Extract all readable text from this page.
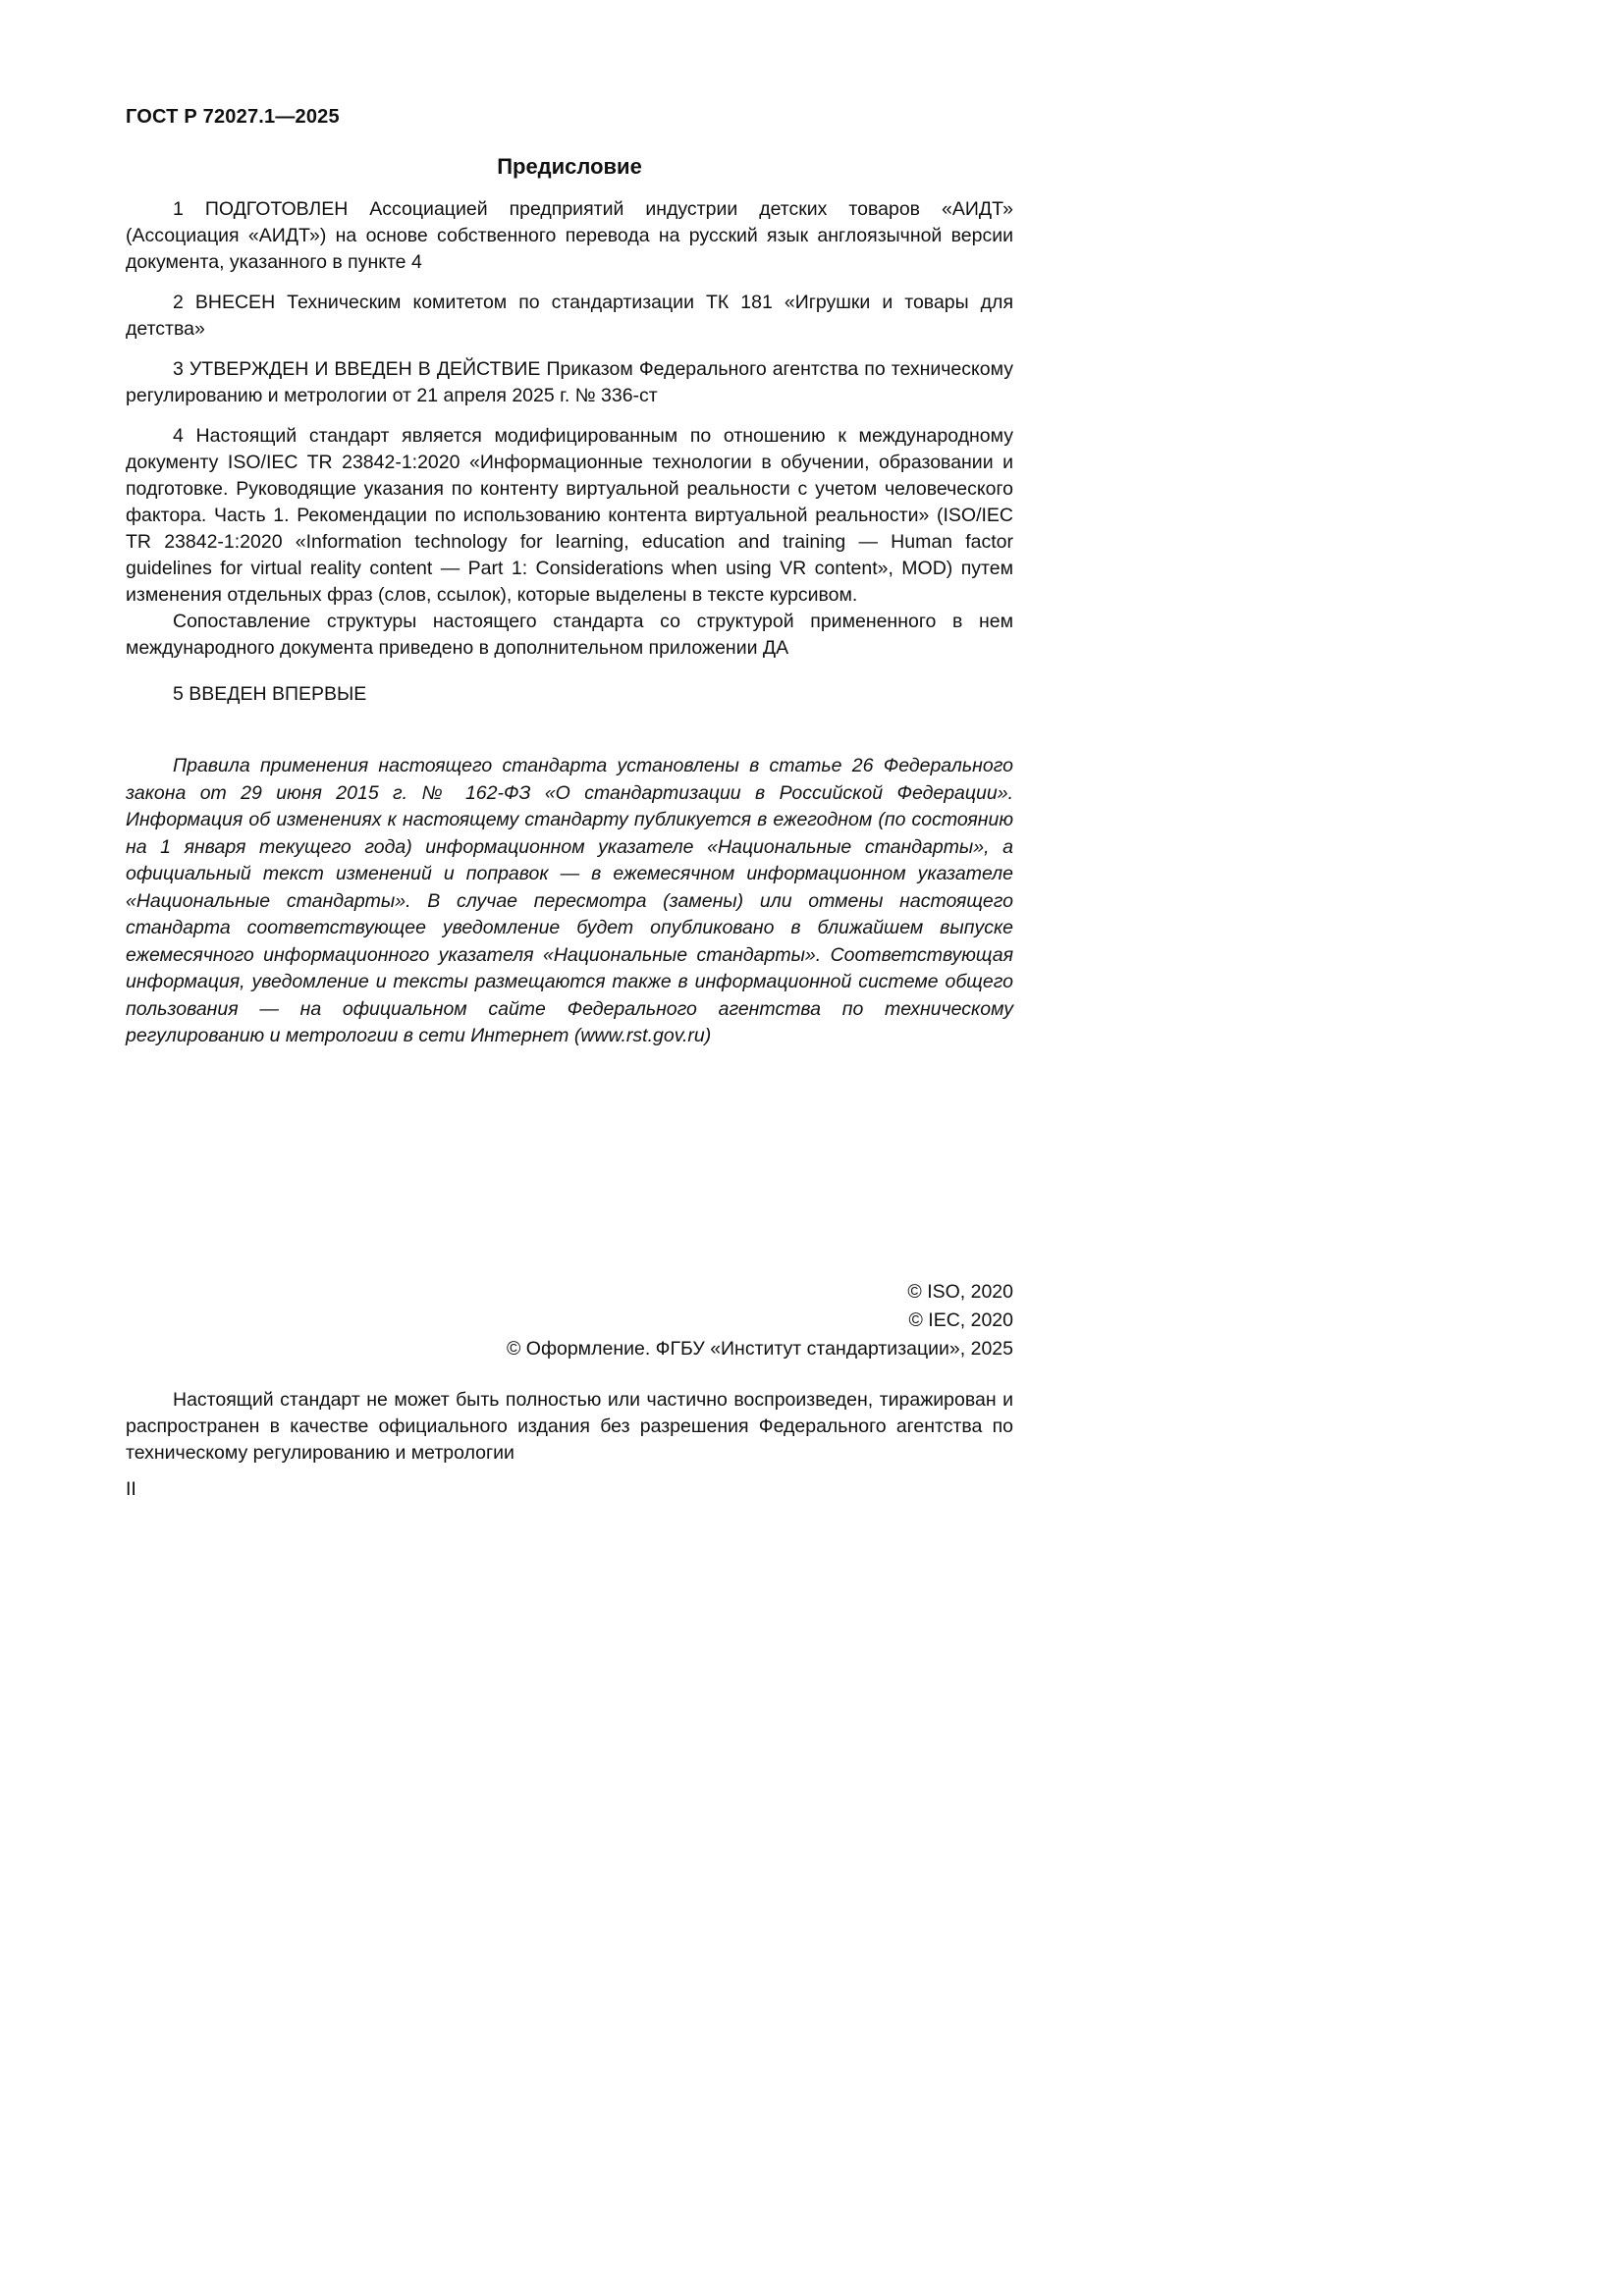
ГОСТ Р 72027.1—2025
Предисловие

1 ПОДГОТОВЛЕН Ассоциацией предприятий индустрии детских товаров «АИДТ» (Ассоциация «АИДТ») на основе собственного перевода на русский язык англоязычной версии документа, указанного в пункте 4

2 ВНЕСЕН Техническим комитетом по стандартизации ТК 181 «Игрушки и товары для детства»

3 УТВЕРЖДЕН И ВВЕДЕН В ДЕЙСТВИЕ Приказом Федерального агентства по техническому регулированию и метрологии от 21 апреля 2025 г. № 336-ст

4 Настоящий стандарт является модифицированным по отношению к международному документу ISO/IEC TR 23842-1:2020 «Информационные технологии в обучении, образовании и подготовке. Руководящие указания по контенту виртуальной реальности с учетом человеческого фактора. Часть 1. Рекомендации по использованию контента виртуальной реальности» (ISO/IEC TR 23842-1:2020 «Information technology for learning, education and training — Human factor guidelines for virtual reality content — Part 1: Considerations when using VR content», MOD) путем изменения отдельных фраз (слов, ссылок), которые выделены в тексте курсивом.

Сопоставление структуры настоящего стандарта со структурой примененного в нем международного документа приведено в дополнительном приложении ДА

5 ВВЕДЕН ВПЕРВЫЕ

Правила применения настоящего стандарта установлены в статье 26 Федерального закона от 29 июня 2015 г. № 162-ФЗ «О стандартизации в Российской Федерации». Информация об изменениях к настоящему стандарту публикуется в ежегодном (по состоянию на 1 января текущего года) информационном указателе «Национальные стандарты», а официальный текст изменений и поправок — в ежемесячном информационном указателе «Национальные стандарты». В случае пересмотра (замены) или отмены настоящего стандарта соответствующее уведомление будет опубликовано в ближайшем выпуске ежемесячного информационного указателя «Национальные стандарты». Соответствующая информация, уведомление и тексты размещаются также в информационной системе общего пользования — на официальном сайте Федерального агентства по техническому регулированию и метрологии в сети Интернет (www.rst.gov.ru)

© ISO, 2020
© IEC, 2020
© Оформление. ФГБУ «Институт стандартизации», 2025

Настоящий стандарт не может быть полностью или частично воспроизведен, тиражирован и распространен в качестве официального издания без разрешения Федерального агентства по техническому регулированию и метрологии

II
